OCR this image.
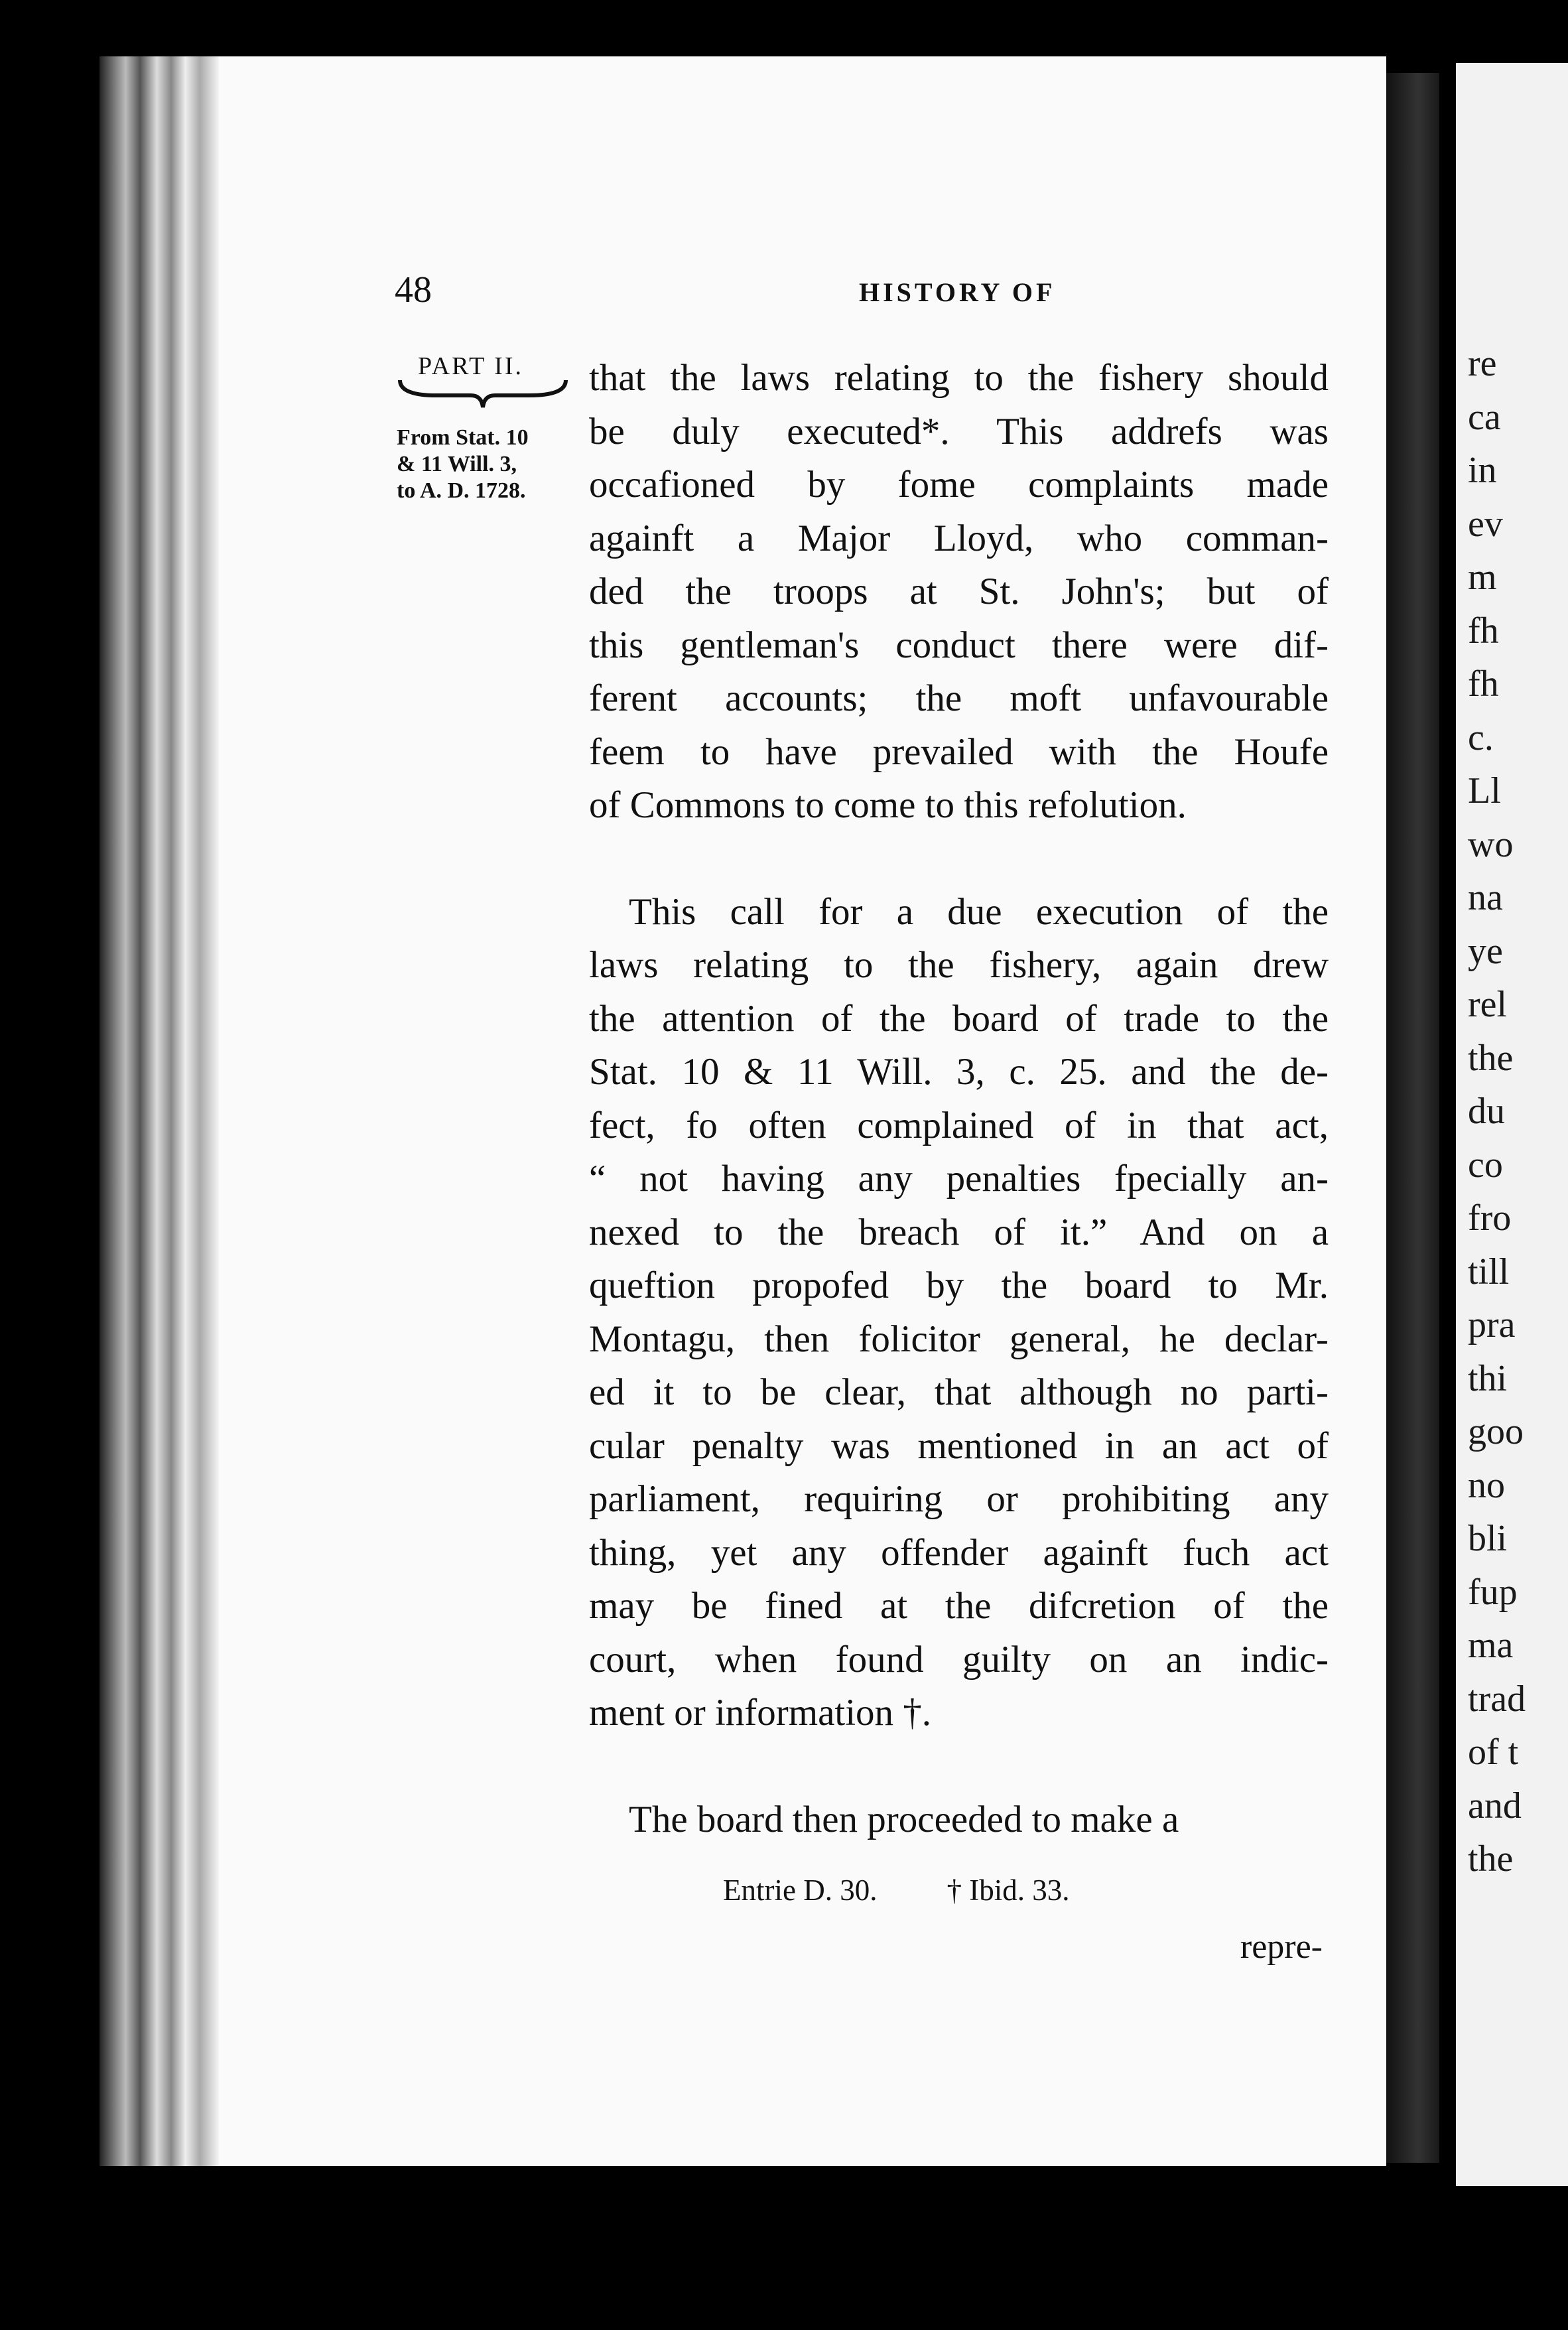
re
ca
in
ev
m
fh
fh
c.
Ll
wo
na
ye
rel
the
du
co
fro
till
pra
thi
goo
no
bli
fup
ma
trad
of t
and
the
48	HISTORY OF
PART II.
From Stat. 10
& 11 Will. 3,
to A. D. 1728.
that the laws relating to the fishery should
be duly executed*. This addrefs was
occafioned by fome complaints made
againft a Major Lloyd, who comman-
ded the troops at St. John's; but of
this gentleman's conduct there were dif-
ferent accounts; the moft unfavourable
feem to have prevailed with the Houfe
of Commons to come to this refolution.
This call for a due execution of the
laws relating to the fishery, again drew
the attention of the board of trade to the
Stat. 10 & 11 Will. 3, c. 25. and the de-
fect, fo often complained of in that act,
“ not having any penalties fpecially an-
nexed to the breach of it.” And on a
queftion propofed by the board to Mr.
Montagu, then folicitor general, he declar-
ed it to be clear, that although no parti-
cular penalty was mentioned in an act of
parliament, requiring or prohibiting any
thing, yet any offender againft fuch act
may be fined at the difcretion of the
court, when found guilty on an indic-
ment or information †.
The board then proceeded to make a
Entrie D. 30. † Ibid. 33.
repre-
